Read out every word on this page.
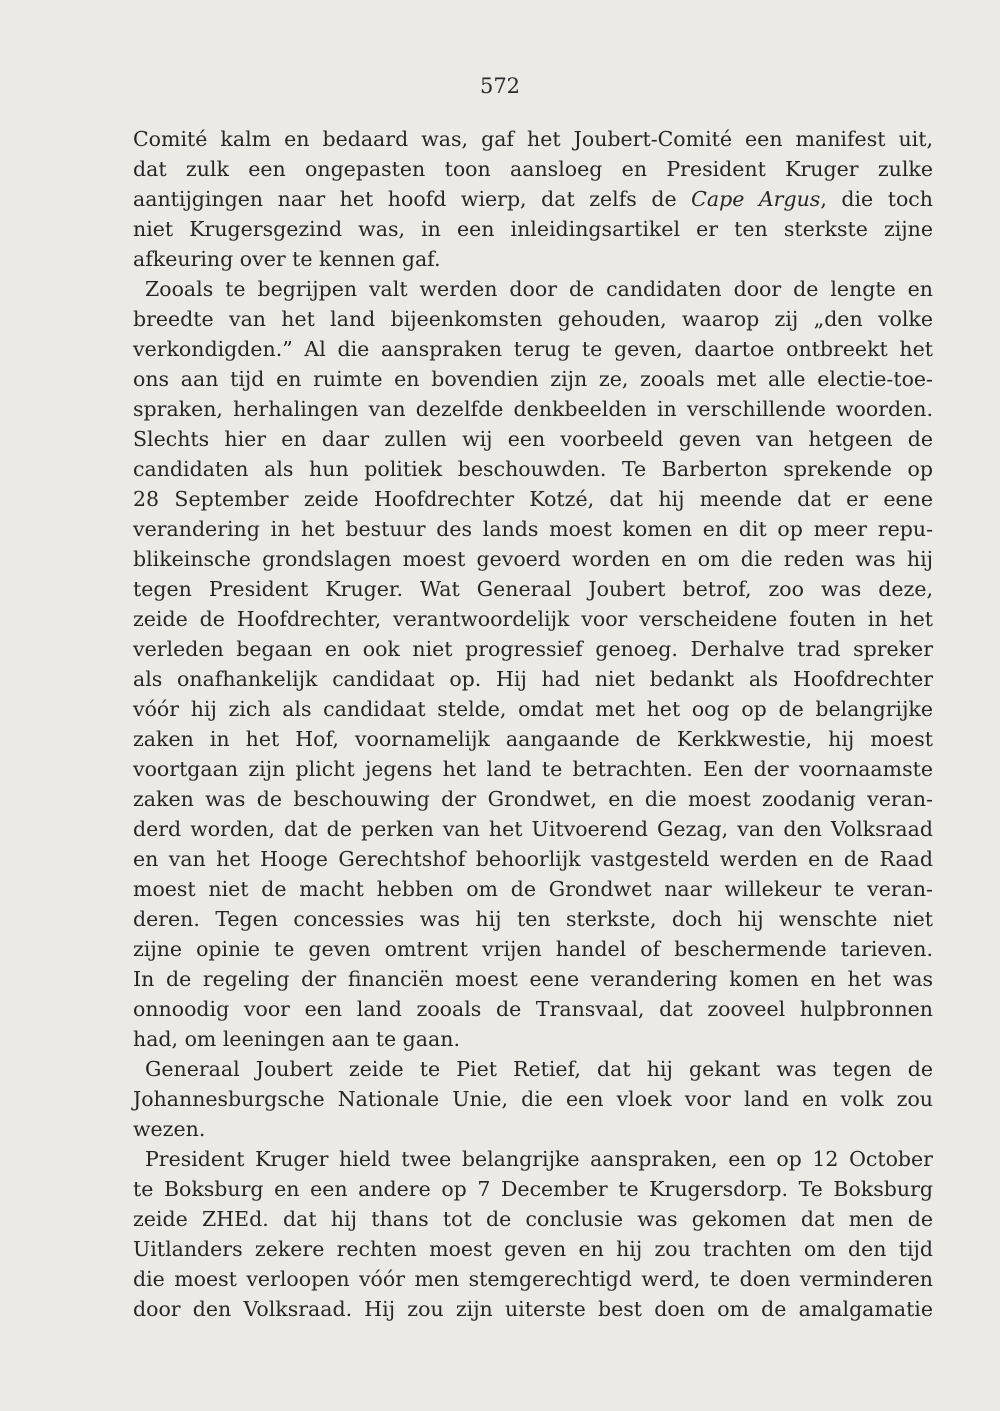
572
Comité kalm en bedaard was, gaf het Joubert-Comité een manifest uit,
dat zulk een ongepasten toon aansloeg en President Kruger zulke
aantijgingen naar het hoofd wierp, dat zelfs de Cape Argus, die toch
niet Krugersgezind was, in een inleidingsartikel er ten sterkste zijne
afkeuring over te kennen gaf.
Zooals te begrijpen valt werden door de candidaten door de lengte en
breedte van het land bijeenkomsten gehouden, waarop zij „den volke
verkondigden.” Al die aanspraken terug te geven, daartoe ontbreekt het
ons aan tijd en ruimte en bovendien zijn ze, zooals met alle electie-toe-
spraken, herhalingen van dezelfde denkbeelden in verschillende woorden.
Slechts hier en daar zullen wij een voorbeeld geven van hetgeen de
candidaten als hun politiek beschouwden. Te Barberton sprekende op
28 September zeide Hoofdrechter Kotzé, dat hij meende dat er eene
verandering in het bestuur des lands moest komen en dit op meer repu-
blikeinsche grondslagen moest gevoerd worden en om die reden was hij
tegen President Kruger. Wat Generaal Joubert betrof, zoo was deze,
zeide de Hoofdrechter, verantwoordelijk voor verscheidene fouten in het
verleden begaan en ook niet progressief genoeg. Derhalve trad spreker
als onafhankelijk candidaat op. Hij had niet bedankt als Hoofdrechter
vóór hij zich als candidaat stelde, omdat met het oog op de belangrijke
zaken in het Hof, voornamelijk aangaande de Kerkkwestie, hij moest
voortgaan zijn plicht jegens het land te betrachten. Een der voornaamste
zaken was de beschouwing der Grondwet, en die moest zoodanig veran-
derd worden, dat de perken van het Uitvoerend Gezag, van den Volksraad
en van het Hooge Gerechtshof behoorlijk vastgesteld werden en de Raad
moest niet de macht hebben om de Grondwet naar willekeur te veran-
deren. Tegen concessies was hij ten sterkste, doch hij wenschte niet
zijne opinie te geven omtrent vrijen handel of beschermende tarieven.
In de regeling der financiën moest eene verandering komen en het was
onnoodig voor een land zooals de Transvaal, dat zooveel hulpbronnen
had, om leeningen aan te gaan.
Generaal Joubert zeide te Piet Retief, dat hij gekant was tegen de
Johannesburgsche Nationale Unie, die een vloek voor land en volk zou
wezen.
President Kruger hield twee belangrijke aanspraken, een op 12 October
te Boksburg en een andere op 7 December te Krugersdorp. Te Boksburg
zeide ZHEd. dat hij thans tot de conclusie was gekomen dat men de
Uitlanders zekere rechten moest geven en hij zou trachten om den tijd
die moest verloopen vóór men stemgerechtigd werd, te doen verminderen
door den Volksraad. Hij zou zijn uiterste best doen om de amalgamatie
